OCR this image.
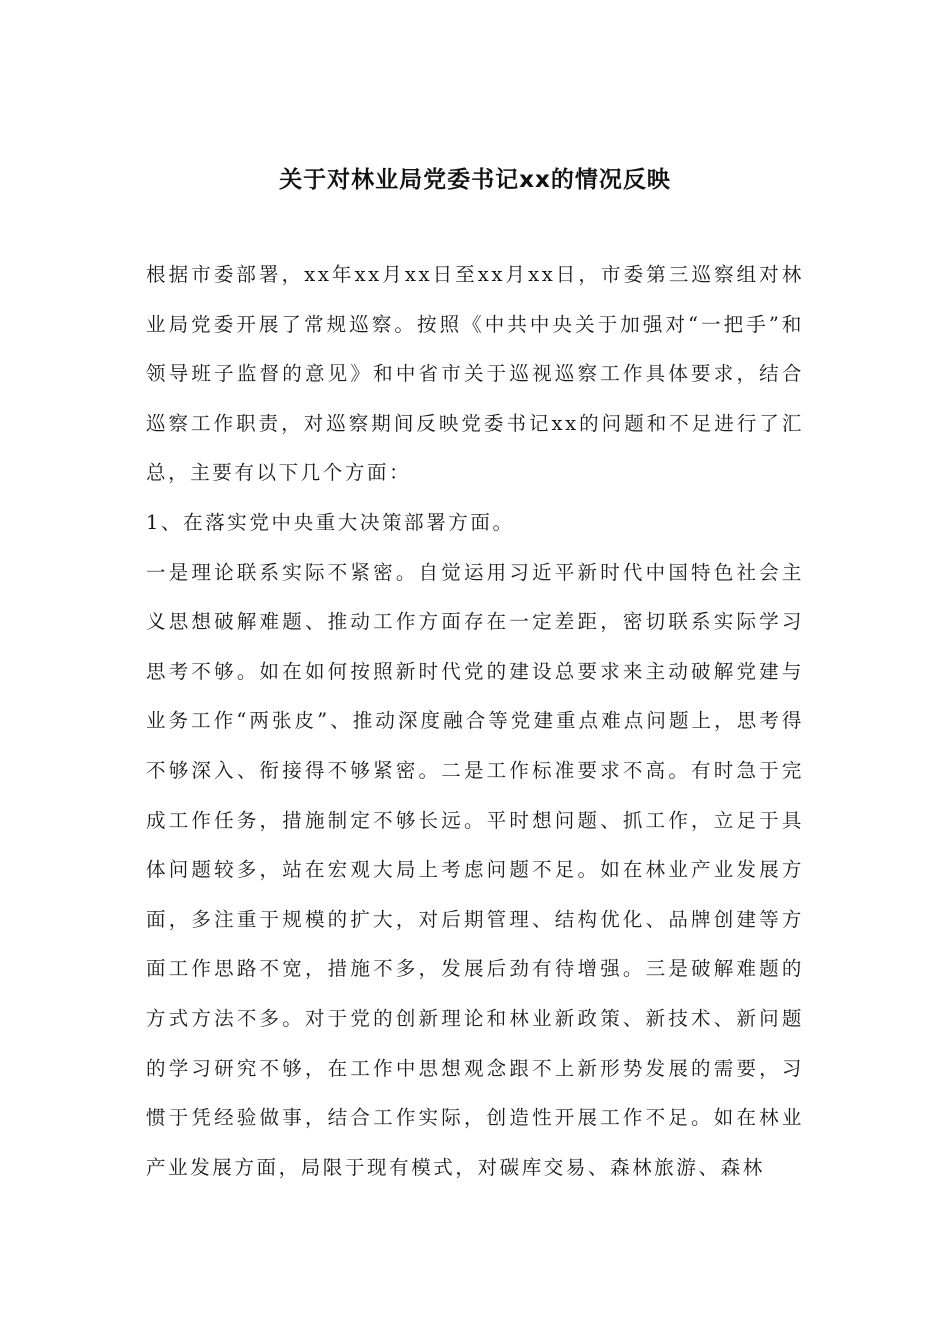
关于对林业局党委书记xx的情况反映

根据市委部署，xx年xx月xx日至xx月xx日，市委第三巡察组对林业局党委开展了常规巡察。按照《中共中央关于加强对“一把手”和领导班子监督的意见》和中省市关于巡视巡察工作具体要求，结合巡察工作职责，对巡察期间反映党委书记xx的问题和不足进行了汇总，主要有以下几个方面：

1、在落实党中央重大决策部署方面。

一是理论联系实际不紧密。自觉运用习近平新时代中国特色社会主义思想破解难题、推动工作方面存在一定差距，密切联系实际学习思考不够。如在如何按照新时代党的建设总要求来主动破解党建与业务工作“两张皮”、推动深度融合等党建重点难点问题上，思考得不够深入、衔接得不够紧密。二是工作标准要求不高。有时急于完成工作任务，措施制定不够长远。平时想问题、抓工作，立足于具体问题较多，站在宏观大局上考虑问题不足。如在林业产业发展方面，多注重于规模的扩大，对后期管理、结构优化、品牌创建等方面工作思路不宽，措施不多，发展后劲有待增强。三是破解难题的方式方法不多。对于党的创新理论和林业新政策、新技术、新问题的学习研究不够，在工作中思想观念跟不上新形势发展的需要，习惯于凭经验做事，结合工作实际，创造性开展工作不足。如在林业产业发展方面，局限于现有模式，对碳库交易、森林旅游、森林
